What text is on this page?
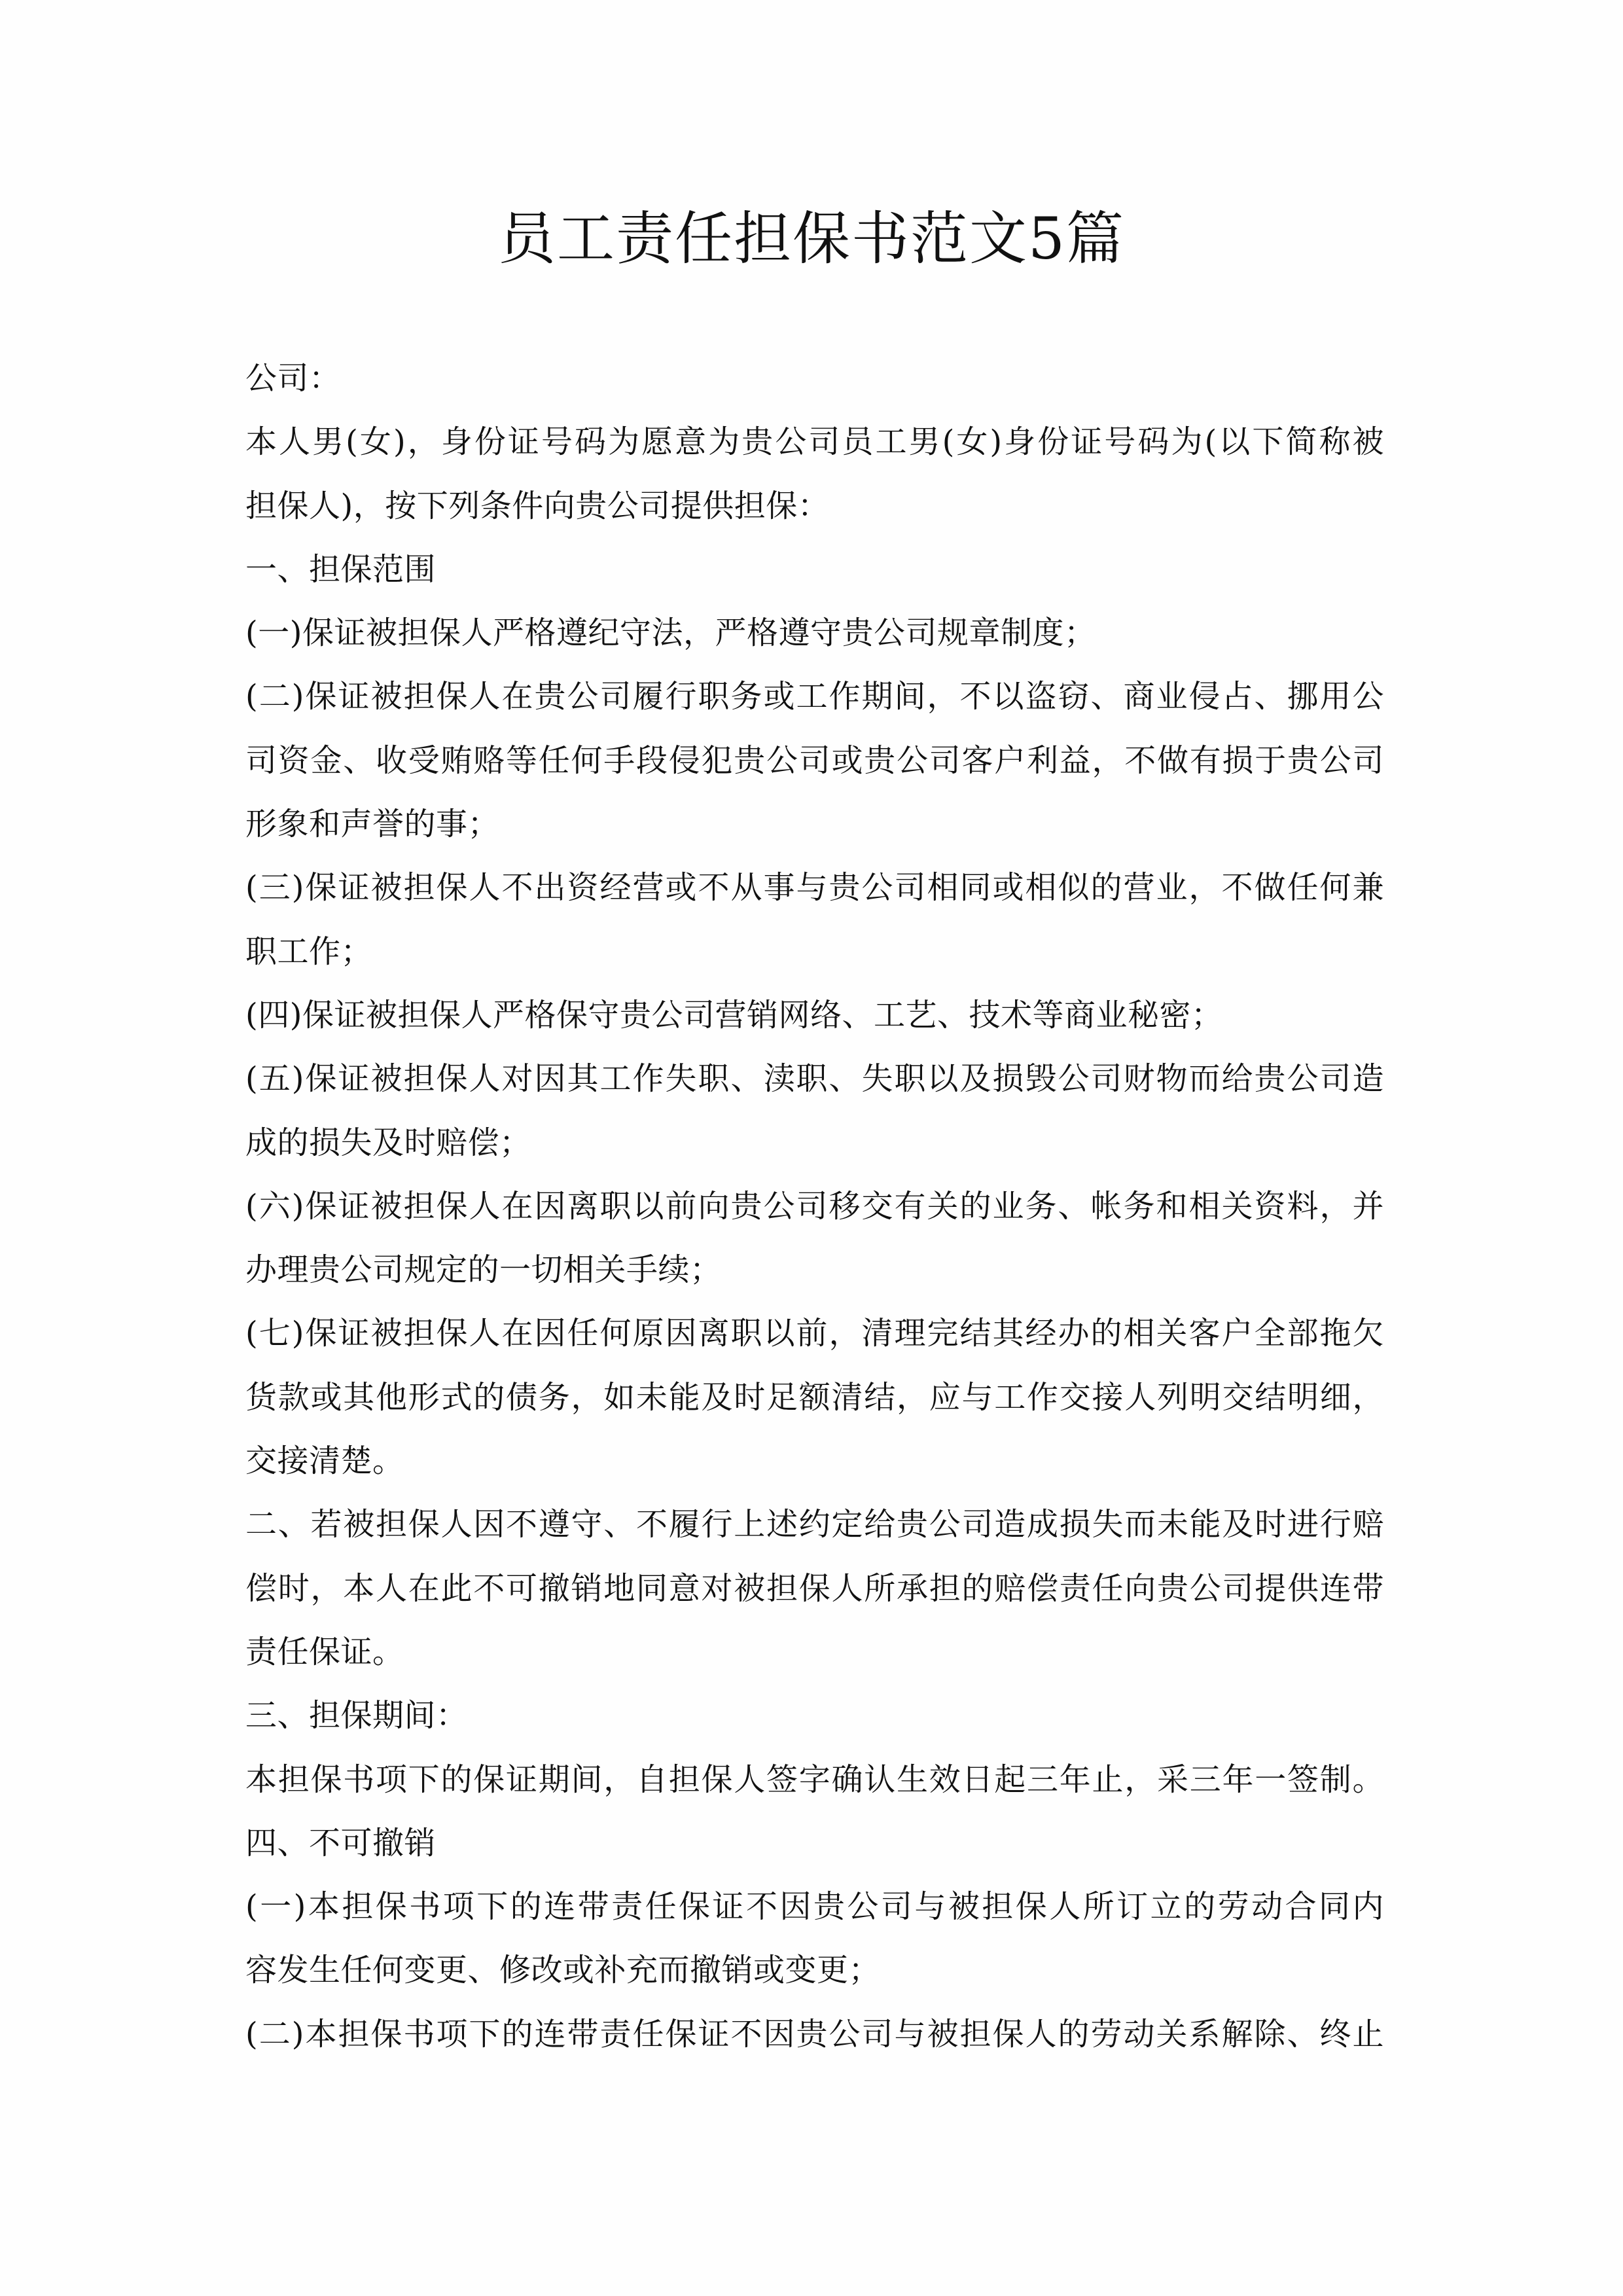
员工责任担保书范文5篇
公司：
本人男(女)，身份证号码为愿意为贵公司员工男(女)身份证号码为(以下简称被
担保人)，按下列条件向贵公司提供担保：
一、担保范围
(一)保证被担保人严格遵纪守法，严格遵守贵公司规章制度；
(二)保证被担保人在贵公司履行职务或工作期间，不以盗窃、商业侵占、挪用公
司资金、收受贿赂等任何手段侵犯贵公司或贵公司客户利益，不做有损于贵公司
形象和声誉的事；
(三)保证被担保人不出资经营或不从事与贵公司相同或相似的营业，不做任何兼
职工作；
(四)保证被担保人严格保守贵公司营销网络、工艺、技术等商业秘密；
(五)保证被担保人对因其工作失职、渎职、失职以及损毁公司财物而给贵公司造
成的损失及时赔偿；
(六)保证被担保人在因离职以前向贵公司移交有关的业务、帐务和相关资料，并
办理贵公司规定的一切相关手续；
(七)保证被担保人在因任何原因离职以前，清理完结其经办的相关客户全部拖欠
货款或其他形式的债务，如未能及时足额清结，应与工作交接人列明交结明细，
交接清楚。
二、若被担保人因不遵守、不履行上述约定给贵公司造成损失而未能及时进行赔
偿时，本人在此不可撤销地同意对被担保人所承担的赔偿责任向贵公司提供连带
责任保证。
三、担保期间：
本担保书项下的保证期间，自担保人签字确认生效日起三年止，采三年一签制。
四、不可撤销
(一)本担保书项下的连带责任保证不因贵公司与被担保人所订立的劳动合同内
容发生任何变更、修改或补充而撤销或变更；
(二)本担保书项下的连带责任保证不因贵公司与被担保人的劳动关系解除、终止
